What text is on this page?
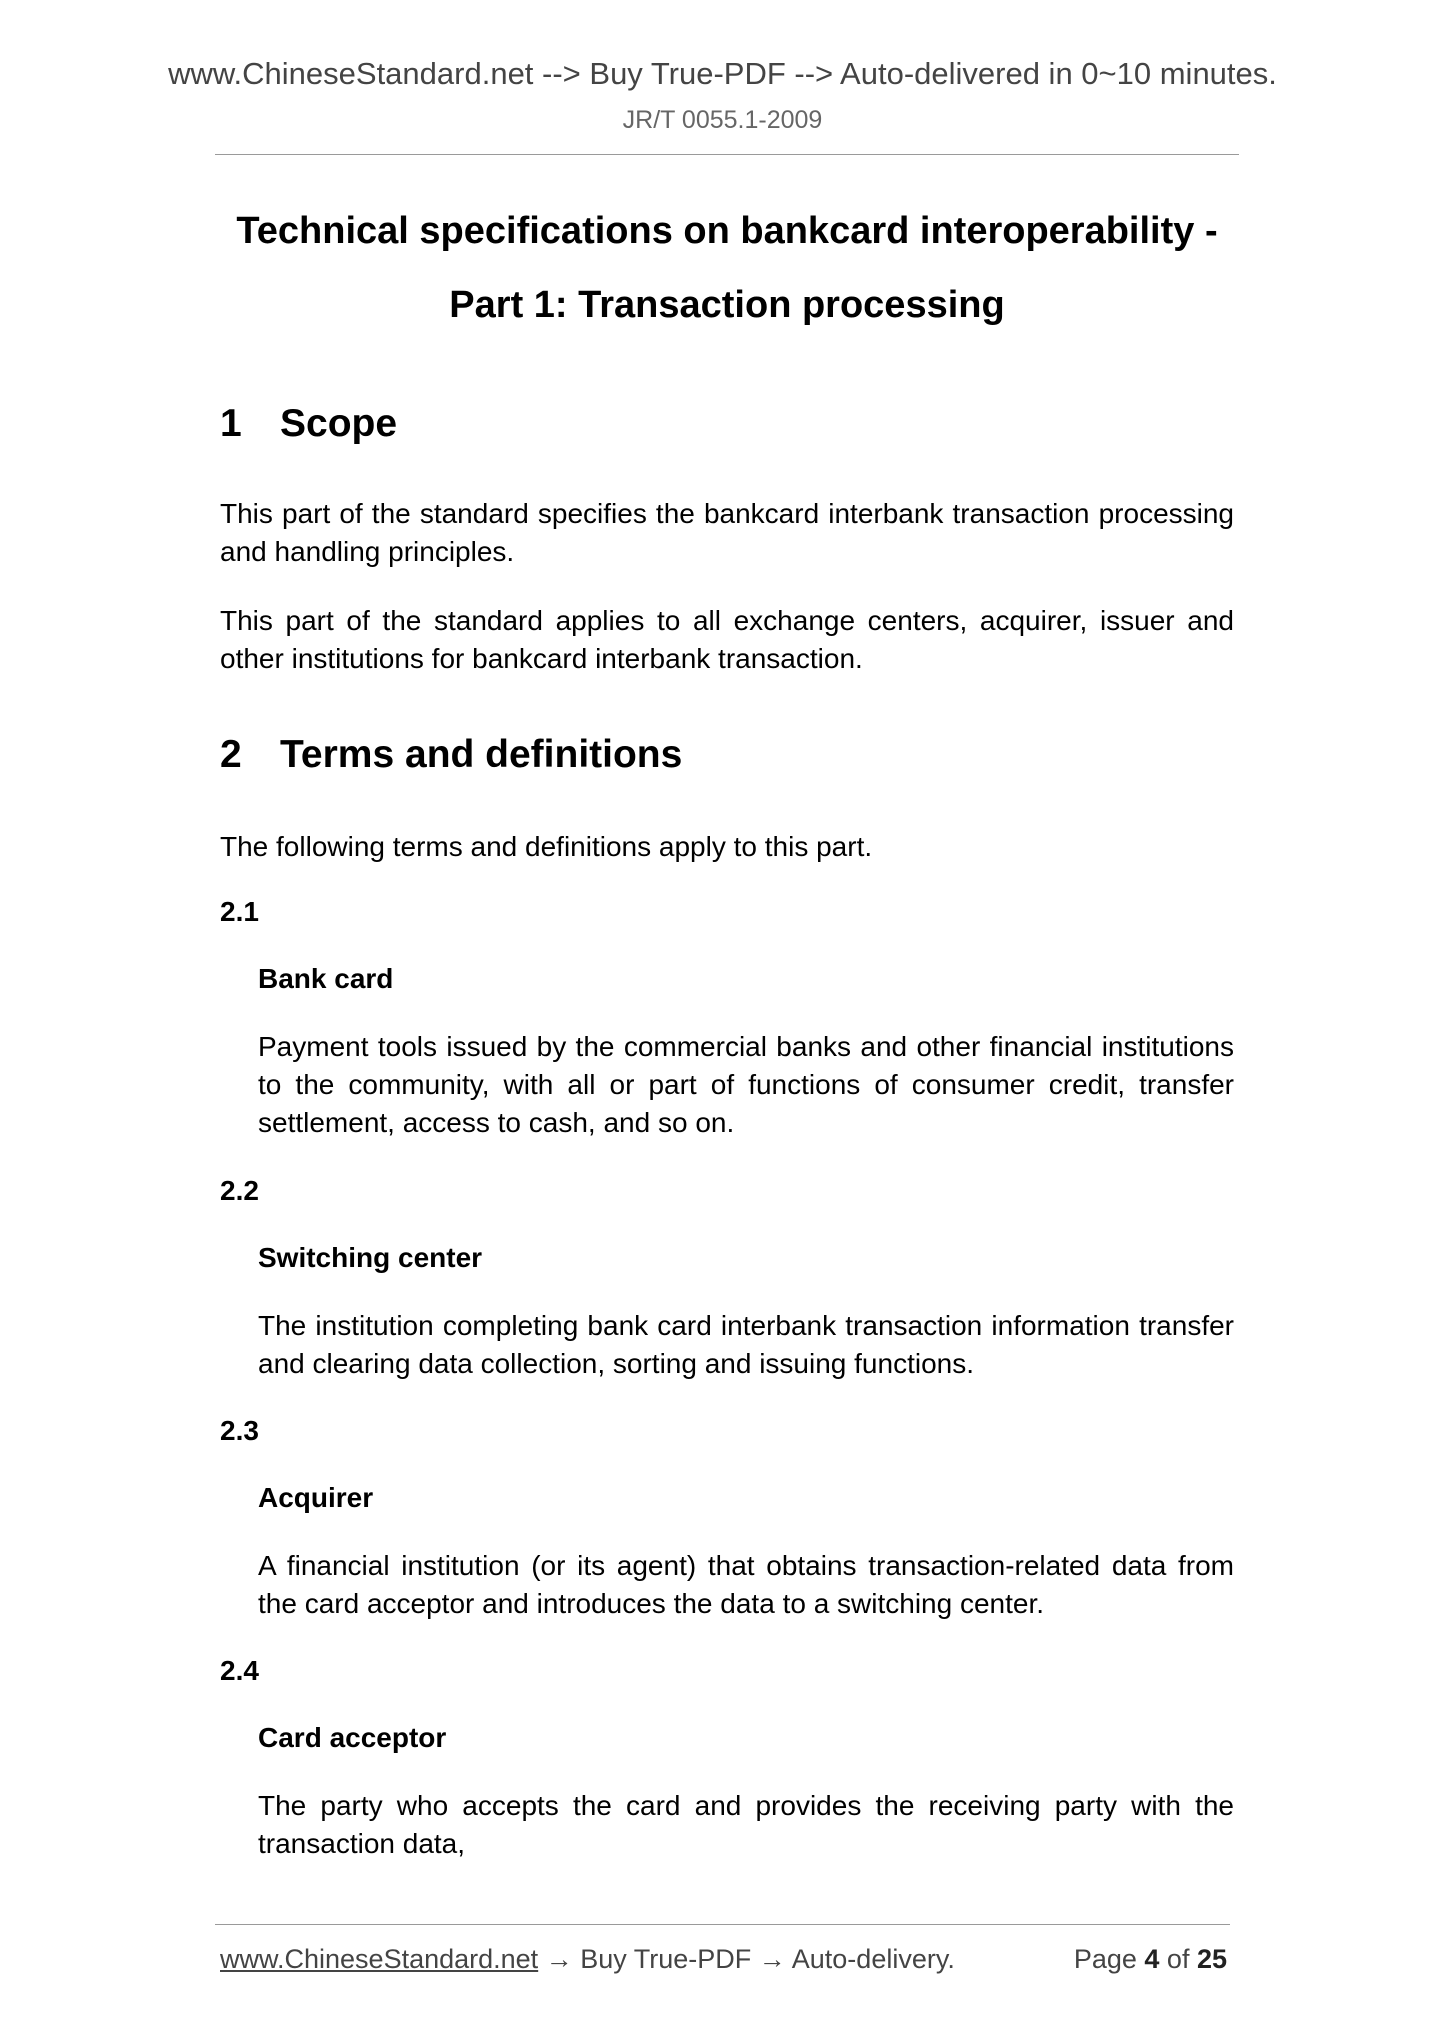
www.ChineseStandard.net --> Buy True-PDF --> Auto-delivered in 0~10 minutes.
JR/T 0055.1-2009
Technical specifications on bankcard interoperability -
Part 1: Transaction processing
1 Scope
This part of the standard specifies the bankcard interbank transaction processing and handling principles.
This part of the standard applies to all exchange centers, acquirer, issuer and other institutions for bankcard interbank transaction.
2 Terms and definitions
The following terms and definitions apply to this part.
2.1
Bank card
Payment tools issued by the commercial banks and other financial institutions to the community, with all or part of functions of consumer credit, transfer settlement, access to cash, and so on.
2.2
Switching center
The institution completing bank card interbank transaction information transfer and clearing data collection, sorting and issuing functions.
2.3
Acquirer
A financial institution (or its agent) that obtains transaction-related data from the card acceptor and introduces the data to a switching center.
2.4
Card acceptor
The party who accepts the card and provides the receiving party with the transaction data,
www.ChineseStandard.net → Buy True-PDF → Auto-delivery.	Page 4 of 25
